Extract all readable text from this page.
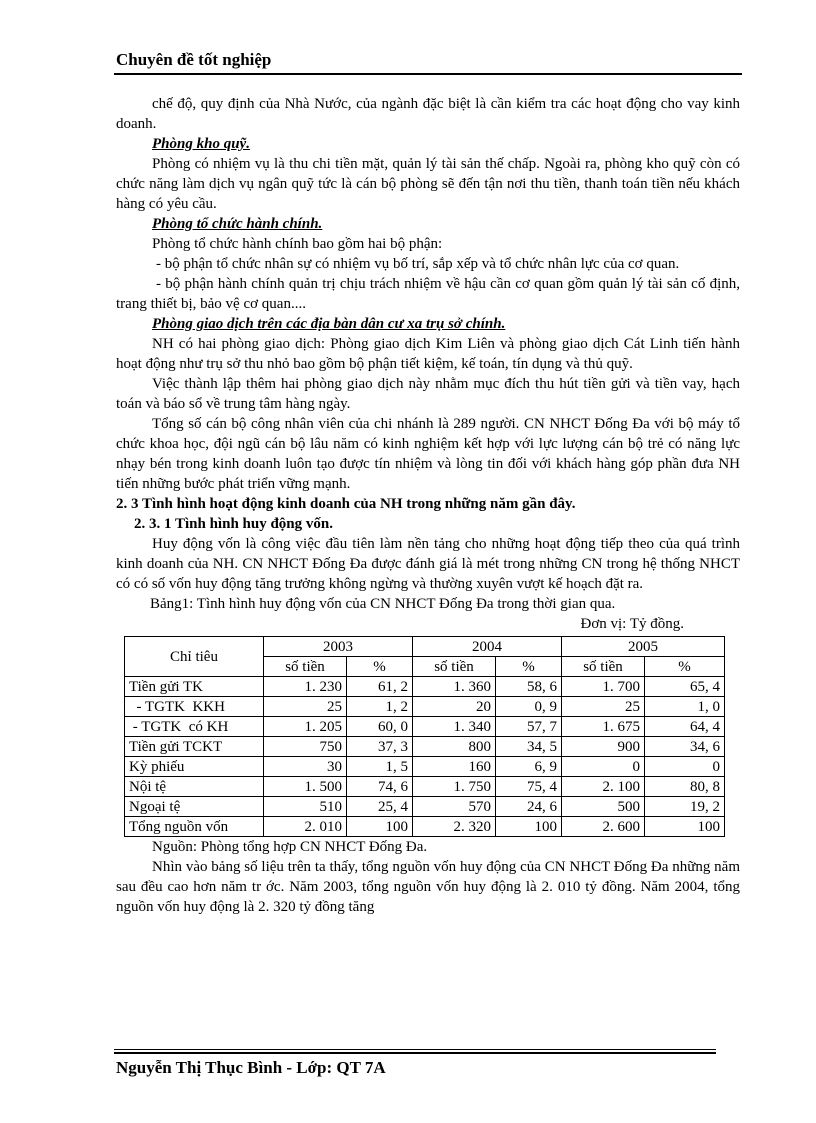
Chuyên đề tốt nghiệp

chế độ, quy định của Nhà Nước, của ngành đặc biệt là cần kiểm tra các hoạt động cho vay kinh doanh.

Phòng kho quỹ.

Phòng có nhiệm vụ là thu chi tiền mặt, quản lý tài sản thế chấp. Ngoài ra, phòng kho quỹ còn có chức năng làm dịch vụ ngân quỹ tức là cán bộ phòng sẽ đến tận nơi thu tiền, thanh toán tiền nếu khách hàng có yêu cầu.

Phòng tổ chức hành chính.

Phòng tổ chức hành chính bao gồm hai bộ phận:

- bộ phận tổ chức nhân sự có nhiệm vụ bố trí, sắp xếp và tổ chức nhân lực của cơ quan.

- bộ phận hành chính quản trị chịu trách nhiệm về hậu cần cơ quan gồm quản lý tài sản cố định, trang thiết bị, bảo vệ cơ quan....

Phòng giao dịch trên các địa bàn dân cư xa trụ sở chính.

NH có hai phòng giao dịch: Phòng giao dịch Kim Liên và phòng giao dịch Cát Linh tiến hành hoạt động như trụ sở thu nhỏ bao gồm bộ phận tiết kiệm, kế toán, tín dụng và thủ quỹ.

Việc thành lập thêm hai phòng giao dịch này nhằm mục đích thu hút tiền gửi và tiền vay, hạch toán và báo sổ về trung tâm hàng ngày.

Tổng số cán bộ công nhân viên của chi nhánh là 289 người. CN NHCT Đống Đa với bộ máy tổ chức khoa học, đội ngũ cán bộ lâu năm có kinh nghiệm kết hợp với lực lượng cán bộ trẻ có năng lực nhạy bén trong kinh doanh luôn tạo được tín nhiệm và lòng tin đối với khách hàng góp phần đưa NH tiến những bước phát triển vững mạnh.

2. 3 Tình hình hoạt động kinh doanh của NH trong những năm gần đây.

2. 3. 1 Tình hình huy động vốn.

Huy động vốn là công việc đầu tiên làm nền tảng cho những hoạt động tiếp theo của quá trình kinh doanh của NH. CN NHCT Đống Đa được đánh giá là mét trong những CN trong hệ thống NHCT có có số vốn huy động tăng trưởng không ngừng và thường xuyên vượt kế hoạch đặt ra.

Bảng1: Tình hình huy động vốn của CN NHCT Đống Đa trong thời gian qua.

Đơn vị: Tỷ đồng.

Chỉ tiêu	2003		2004		2005	
	số tiền	%	số tiền	%	số tiền	%
Tiền gửi TK	1. 230	61, 2	1. 360	58, 6	1. 700	65, 4
- TGTK  KKH	25	1, 2	20	0, 9	25	1, 0
- TGTK  có KH	1. 205	60, 0	1. 340	57, 7	1. 675	64, 4
Tiền gửi TCKT	750	37, 3	800	34, 5	900	34, 6
Kỳ phiếu	30	1, 5	160	6, 9	0	0
Nội tệ	1. 500	74, 6	1. 750	75, 4	2. 100	80, 8
Ngoại tệ	510	25, 4	570	24, 6	500	19, 2
Tổng nguồn vốn	2. 010	100	2. 320	100	2. 600	100

Nguồn: Phòng tổng hợp CN NHCT Đống Đa.

Nhìn vào bảng số liệu trên ta thấy, tổng nguồn vốn huy động của CN NHCT Đống Đa những năm sau đều cao hơn năm tr ớc. Năm 2003, tổng nguồn vốn huy động là 2. 010 tỷ đồng. Năm 2004, tổng nguồn vốn huy động là 2. 320 tỷ đồng tăng

Nguyễn Thị Thục Bình - Lớp: QT 7A
